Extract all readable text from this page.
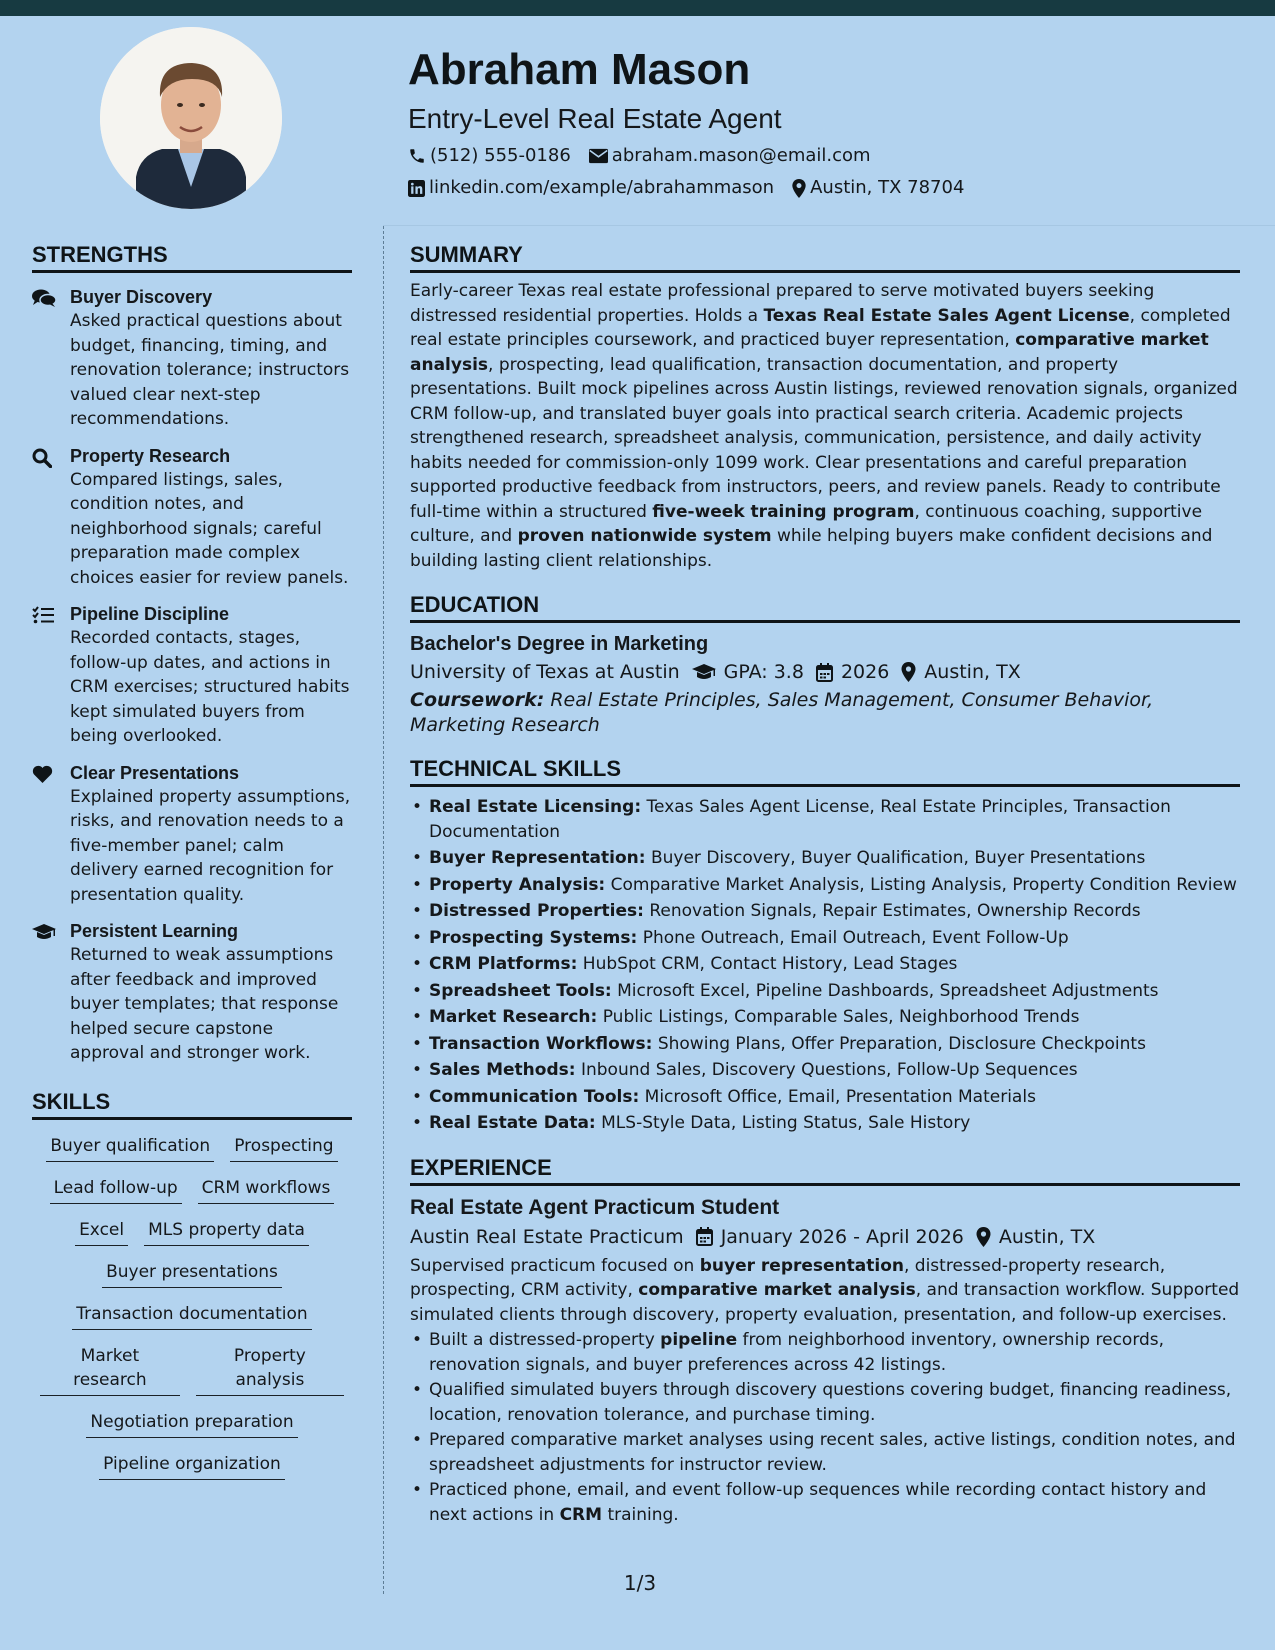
Abraham Mason
Entry-Level Real Estate Agent
(512) 555-0186 abraham.mason@email.com
linkedin.com/example/abrahammason Austin, TX 78704
STRENGTHS
Buyer Discovery
Asked practical questions about budget, financing, timing, and renovation tolerance; instructors valued clear next-step recommendations.
Property Research
Compared listings, sales, condition notes, and neighborhood signals; careful preparation made complex choices easier for review panels.
Pipeline Discipline
Recorded contacts, stages, follow-up dates, and actions in CRM exercises; structured habits kept simulated buyers from being overlooked.
Clear Presentations
Explained property assumptions, risks, and renovation needs to a five-member panel; calm delivery earned recognition for presentation quality.
Persistent Learning
Returned to weak assumptions after feedback and improved buyer templates; that response helped secure capstone approval and stronger work.
SKILLS
Buyer qualification Prospecting
Lead follow-up CRM workflows
Excel MLS property data
Buyer presentations
Transaction documentation
Market research
Property analysis
Negotiation preparation
Pipeline organization
SUMMARY
Early-career Texas real estate professional prepared to serve motivated buyers seeking distressed residential properties. Holds a Texas Real Estate Sales Agent License, completed real estate principles coursework, and practiced buyer representation, comparative market analysis, prospecting, lead qualification, transaction documentation, and property presentations. Built mock pipelines across Austin listings, reviewed renovation signals, organized CRM follow-up, and translated buyer goals into practical search criteria. Academic projects strengthened research, spreadsheet analysis, communication, persistence, and daily activity habits needed for commission-only 1099 work. Clear presentations and careful preparation supported productive feedback from instructors, peers, and review panels. Ready to contribute full-time within a structured five-week training program, continuous coaching, supportive culture, and proven nationwide system while helping buyers make confident decisions and building lasting client relationships.
EDUCATION
Bachelor's Degree in Marketing
University of Texas at Austin GPA: 3.8 2026 Austin, TX
Coursework: Real Estate Principles, Sales Management, Consumer Behavior, Marketing Research
TECHNICAL SKILLS
• Real Estate Licensing: Texas Sales Agent License, Real Estate Principles, Transaction Documentation
• Buyer Representation: Buyer Discovery, Buyer Qualification, Buyer Presentations
• Property Analysis: Comparative Market Analysis, Listing Analysis, Property Condition Review
• Distressed Properties: Renovation Signals, Repair Estimates, Ownership Records
• Prospecting Systems: Phone Outreach, Email Outreach, Event Follow-Up
• CRM Platforms: HubSpot CRM, Contact History, Lead Stages
• Spreadsheet Tools: Microsoft Excel, Pipeline Dashboards, Spreadsheet Adjustments
• Market Research: Public Listings, Comparable Sales, Neighborhood Trends
• Transaction Workflows: Showing Plans, Offer Preparation, Disclosure Checkpoints
• Sales Methods: Inbound Sales, Discovery Questions, Follow-Up Sequences
• Communication Tools: Microsoft Office, Email, Presentation Materials
• Real Estate Data: MLS-Style Data, Listing Status, Sale History
EXPERIENCE
Real Estate Agent Practicum Student
Austin Real Estate Practicum January 2026 - April 2026 Austin, TX
Supervised practicum focused on buyer representation, distressed-property research, prospecting, CRM activity, comparative market analysis, and transaction workflow. Supported simulated clients through discovery, property evaluation, presentation, and follow-up exercises.
• Built a distressed-property pipeline from neighborhood inventory, ownership records, renovation signals, and buyer preferences across 42 listings.
• Qualified simulated buyers through discovery questions covering budget, financing readiness, location, renovation tolerance, and purchase timing.
• Prepared comparative market analyses using recent sales, active listings, condition notes, and spreadsheet adjustments for instructor review.
• Practiced phone, email, and event follow-up sequences while recording contact history and next actions in CRM training.
1/3
